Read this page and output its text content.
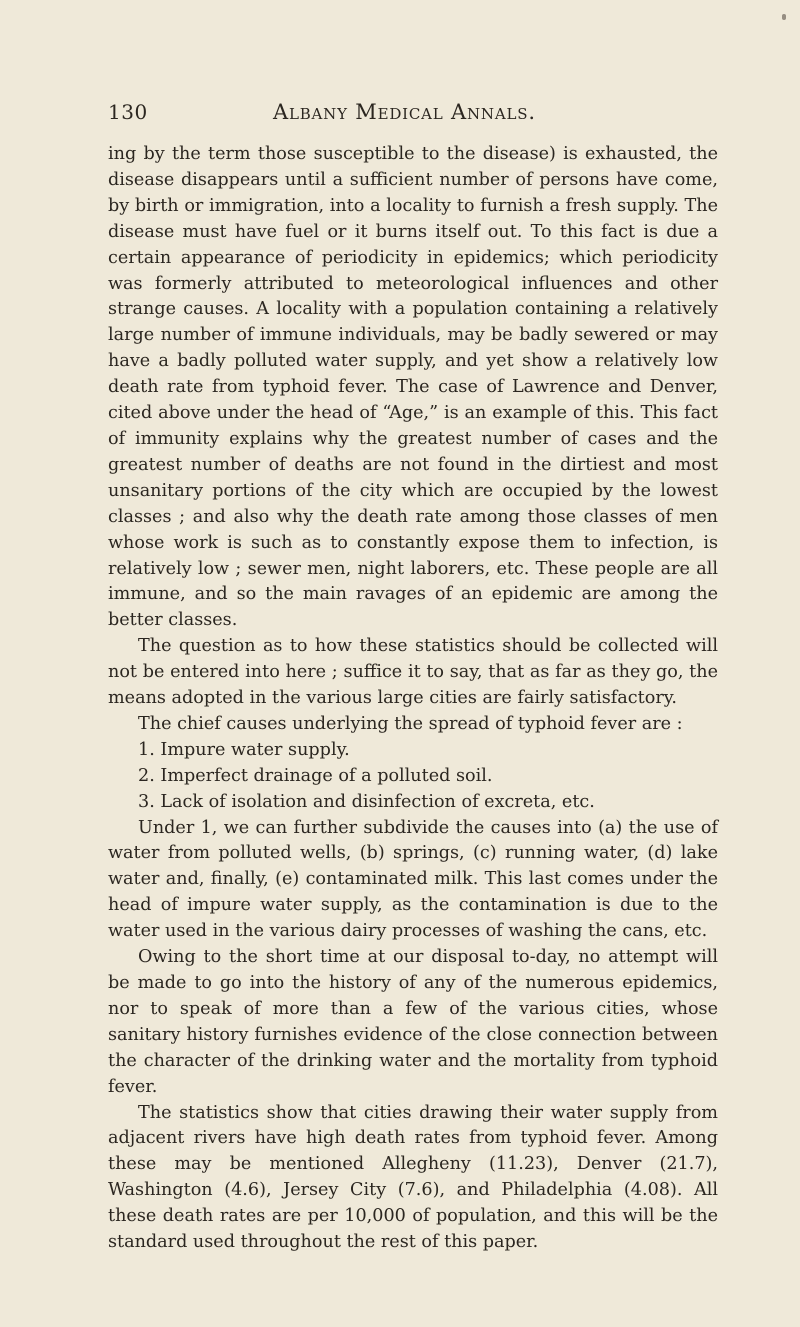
130	Albany Medical Annals.

ing by the term those susceptible to the disease) is exhausted, the disease disappears until a sufficient number of persons have come, by birth or immigration, into a locality to furnish a fresh supply. The disease must have fuel or it burns itself out. To this fact is due a certain appearance of periodicity in epidemics; which periodicity was formerly attributed to meteorological influences and other strange causes. A locality with a population containing a relatively large number of immune individuals, may be badly sewered or may have a badly polluted water supply, and yet show a relatively low death rate from typhoid fever. The case of Lawrence and Denver, cited above under the head of “Age,” is an example of this. This fact of immunity explains why the greatest number of cases and the greatest number of deaths are not found in the dirtiest and most unsanitary portions of the city which are occupied by the lowest classes ; and also why the death rate among those classes of men whose work is such as to constantly expose them to infection, is relatively low ; sewer men, night laborers, etc. These people are all immune, and so the main ravages of an epidemic are among the better classes.

The question as to how these statistics should be collected will not be entered into here ; suffice it to say, that as far as they go, the means adopted in the various large cities are fairly satisfactory.

The chief causes underlying the spread of typhoid fever are :

1. Impure water supply.

2. Imperfect drainage of a polluted soil.

3. Lack of isolation and disinfection of excreta, etc.

Under 1, we can further subdivide the causes into (a) the use of water from polluted wells, (b) springs, (c) running water, (d) lake water and, finally, (e) contaminated milk. This last comes under the head of impure water supply, as the contamination is due to the water used in the various dairy processes of washing the cans, etc.

Owing to the short time at our disposal to-day, no attempt will be made to go into the history of any of the numerous epidemics, nor to speak of more than a few of the various cities, whose sanitary history furnishes evidence of the close connection between the character of the drinking water and the mortality from typhoid fever.

The statistics show that cities drawing their water supply from adjacent rivers have high death rates from typhoid fever. Among these may be mentioned Allegheny (11.23), Denver (21.7), Washington (4.6), Jersey City (7.6), and Philadelphia (4.08). All these death rates are per 10,000 of population, and this will be the standard used throughout the rest of this paper.
